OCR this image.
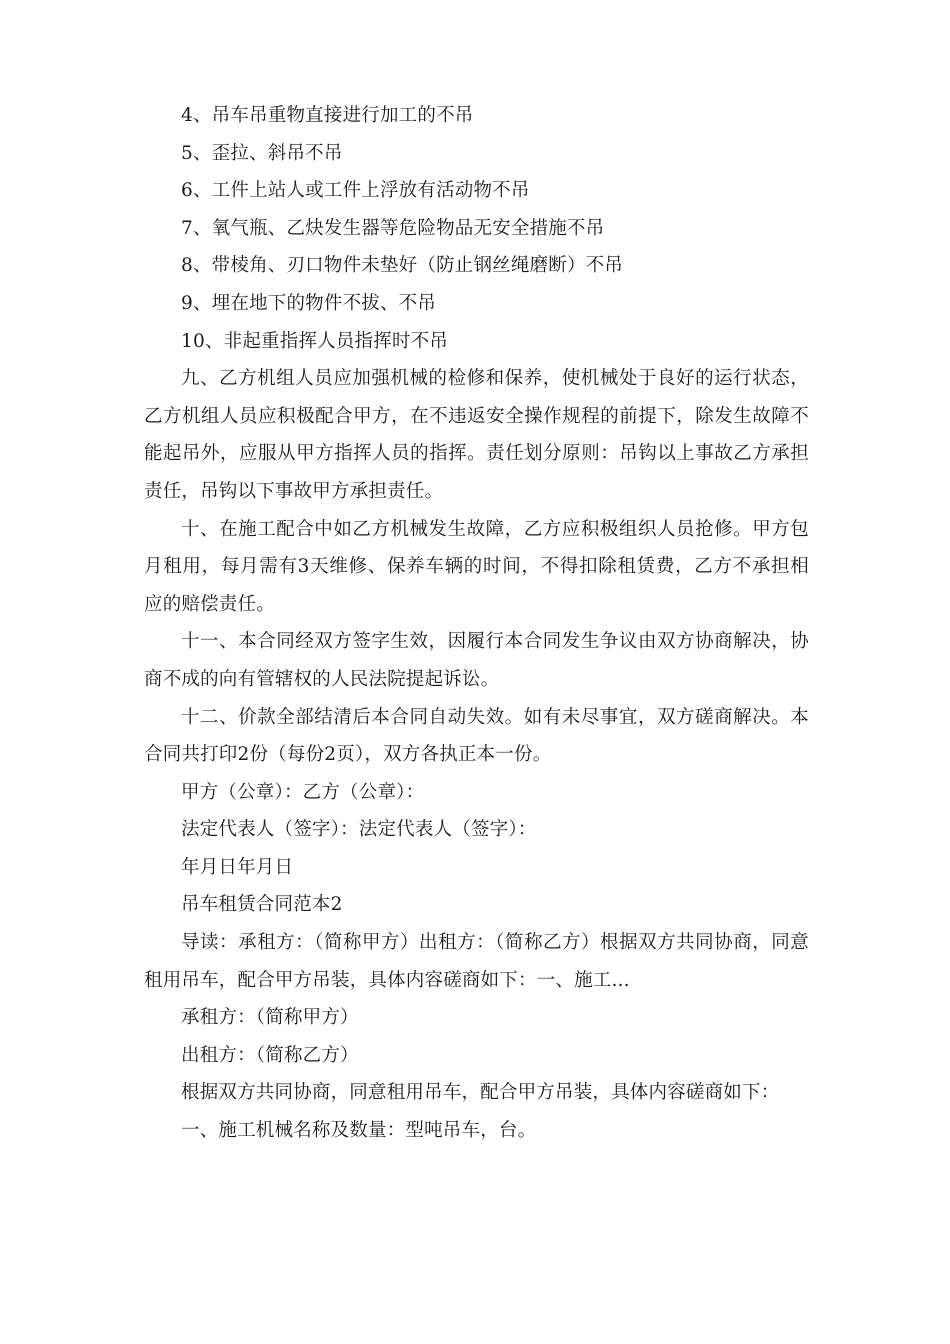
4、吊车吊重物直接进行加工的不吊

5、歪拉、斜吊不吊

6、工件上站人或工件上浮放有活动物不吊

7、氧气瓶、乙炔发生器等危险物品无安全措施不吊

8、带棱角、刃口物件未垫好（防止钢丝绳磨断）不吊

9、埋在地下的物件不拔、不吊

10、非起重指挥人员指挥时不吊

九、乙方机组人员应加强机械的检修和保养，使机械处于良好的运行状态，乙方机组人员应积极配合甲方，在不违返安全操作规程的前提下，除发生故障不能起吊外，应服从甲方指挥人员的指挥。责任划分原则：吊钩以上事故乙方承担责任，吊钩以下事故甲方承担责任。

十、在施工配合中如乙方机械发生故障，乙方应积极组织人员抢修。甲方包月租用，每月需有3天维修、保养车辆的时间，不得扣除租赁费，乙方不承担相应的赔偿责任。

十一、本合同经双方签字生效，因履行本合同发生争议由双方协商解决，协商不成的向有管辖权的人民法院提起诉讼。

十二、价款全部结清后本合同自动失效。如有未尽事宜，双方磋商解决。本合同共打印2份（每份2页），双方各执正本一份。

甲方（公章）：乙方（公章）：

法定代表人（签字）：法定代表人（签字）：

年月日年月日

吊车租赁合同范本2

导读：承租方：（简称甲方）出租方：（简称乙方）根据双方共同协商，同意租用吊车，配合甲方吊装，具体内容磋商如下：一、施工...

承租方：（简称甲方）

出租方：（简称乙方）

根据双方共同协商，同意租用吊车，配合甲方吊装，具体内容磋商如下：

一、施工机械名称及数量：型吨吊车，台。
